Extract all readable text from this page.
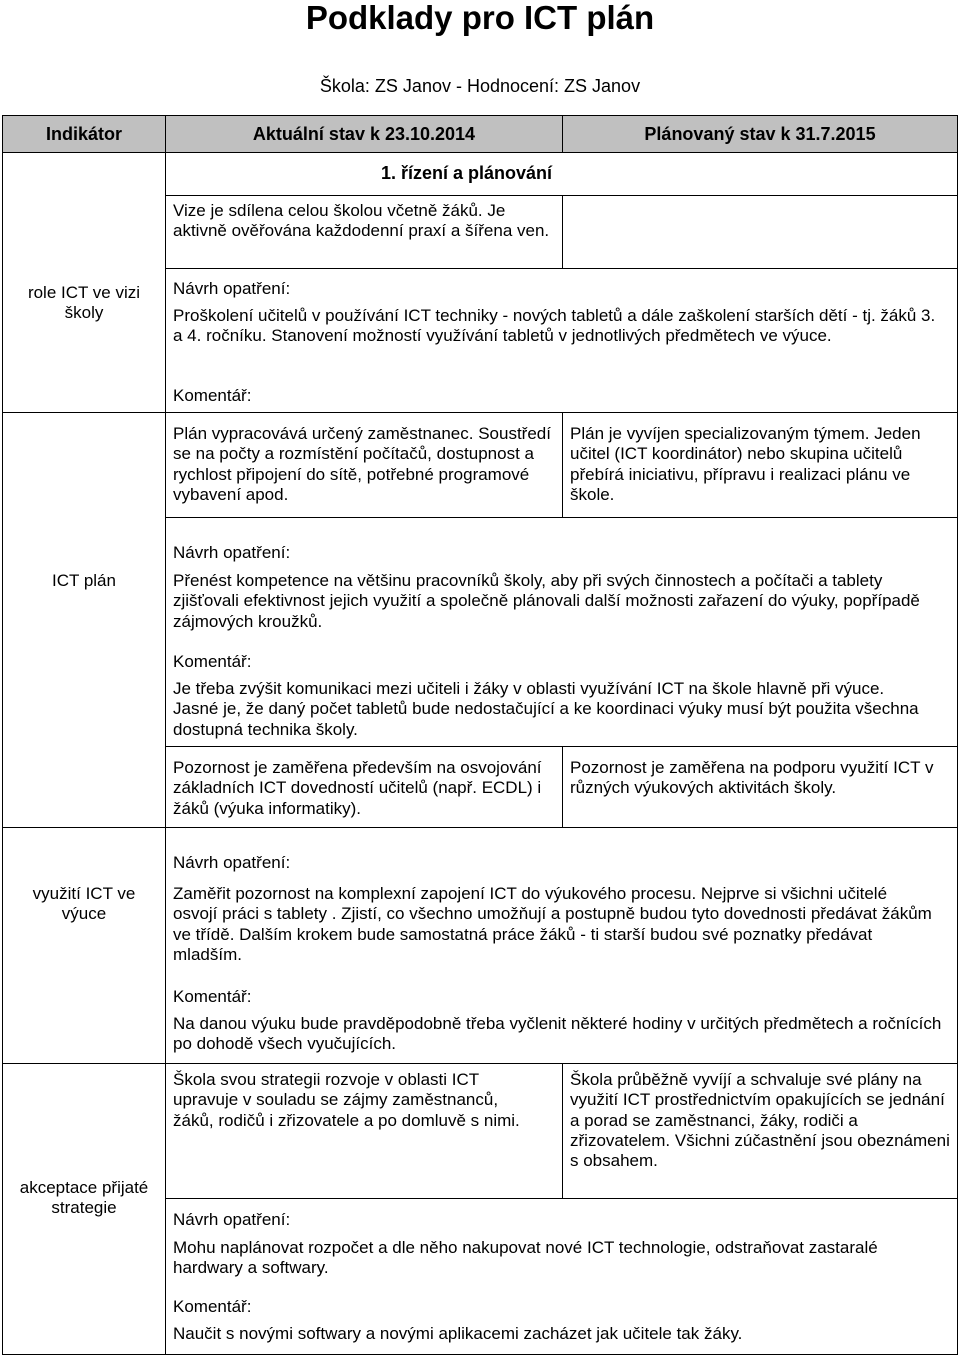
Podklady pro ICT plán
Škola: ZS Janov - Hodnocení: ZS Janov
Indikátor	Aktuální stav k 23.10.2014	Plánovaný stav k 31.7.2015
1. řízení a plánování
role ICT ve vizi školy
Vize je sdílena celou školou včetně žáků. Je aktivně ověřována každodenní praxí a šířena ven.
Návrh opatření:
Proškolení učitelů v používání ICT techniky - nových tabletů a dále zaškolení starších dětí - tj. žáků 3. a 4. ročníku. Stanovení možností využívání tabletů v jednotlivých předmětech ve výuce.
Komentář:
ICT plán
Plán vypracovává určený zaměstnanec. Soustředí se na počty a rozmístění počítačů, dostupnost a rychlost připojení do sítě, potřebné programové vybavení apod.
Plán je vyvíjen specializovaným týmem. Jeden učitel (ICT koordinátor) nebo skupina učitelů přebírá iniciativu, přípravu i realizaci plánu ve škole.
Návrh opatření:
Přenést kompetence na většinu pracovníků školy, aby při svých činnostech a počítači a tablety zjišťovali efektivnost jejich využití a společně plánovali další možnosti zařazení do výuky, popřípadě zájmových kroužků.
Komentář:
Je třeba zvýšit komunikaci mezi učiteli i žáky v oblasti využívání ICT na škole hlavně při výuce. Jasné je, že daný počet tabletů bude nedostačující a ke koordinaci výuky musí být použita všechna dostupná technika školy.
Pozornost je zaměřena především na osvojování základních ICT dovedností učitelů (např. ECDL) i žáků (výuka informatiky).
Pozornost je zaměřena na podporu využití ICT v různých výukových aktivitách školy.
využití ICT ve výuce
Návrh opatření:
Zaměřit pozornost na komplexní zapojení ICT do výukového procesu. Nejprve si všichni učitelé osvojí práci s tablety . Zjistí, co všechno umožňují a postupně budou tyto dovednosti předávat žákům ve třídě. Dalším krokem bude samostatná práce žáků - ti starší budou své poznatky předávat mladším.
Komentář:
Na danou výuku bude pravděpodobně třeba vyčlenit některé hodiny v určitých předmětech a ročnících po dohodě všech vyučujících.
Škola svou strategii rozvoje v oblasti ICT upravuje v souladu se zájmy zaměstnanců, žáků, rodičů i zřizovatele a po domluvě s nimi.
Škola průběžně vyvíjí a schvaluje své plány na využití ICT prostřednictvím opakujících se jednání a porad se zaměstnanci, žáky, rodiči a zřizovatelem. Všichni zúčastnění jsou obeznámeni s obsahem.
akceptace přijaté strategie
Návrh opatření:
Mohu naplánovat rozpočet a dle něho nakupovat nové ICT technologie, odstraňovat zastaralé hardwary a softwary.
Komentář:
Naučit s novými softwary a novými aplikacemi zacházet jak učitele tak žáky.
